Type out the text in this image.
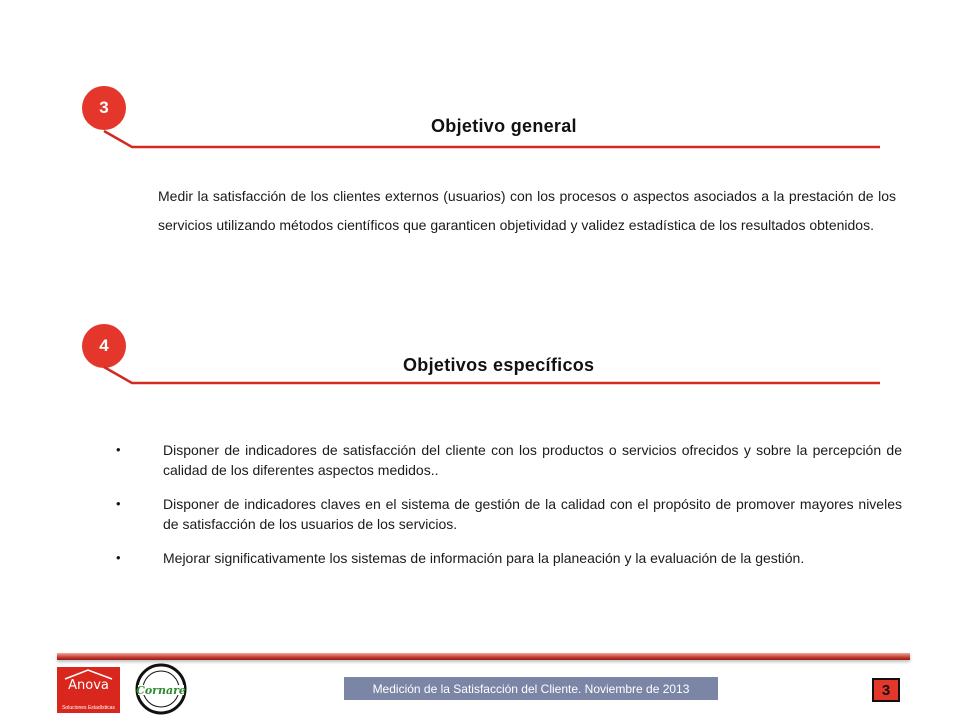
3
Objetivo general

Medir la satisfacción de los clientes externos (usuarios) con los procesos o aspectos asociados a la prestación de los servicios utilizando métodos científicos que garanticen objetividad y validez estadística de los resultados obtenidos.

4
Objetivos específicos
•	Disponer de indicadores de satisfacción del cliente con los productos o servicios ofrecidos y sobre la percepción de calidad de los diferentes aspectos medidos..
•	Disponer de indicadores claves en el sistema de gestión de la calidad con el propósito de promover mayores niveles de satisfacción de los usuarios de los servicios.
•	Mejorar significativamente los sistemas de información para la planeación y la evaluación de la gestión.
Anova
Soluciones Estadísticas
Cornare	Medición de la Satisfacción del Cliente. Noviembre de 2013	3
